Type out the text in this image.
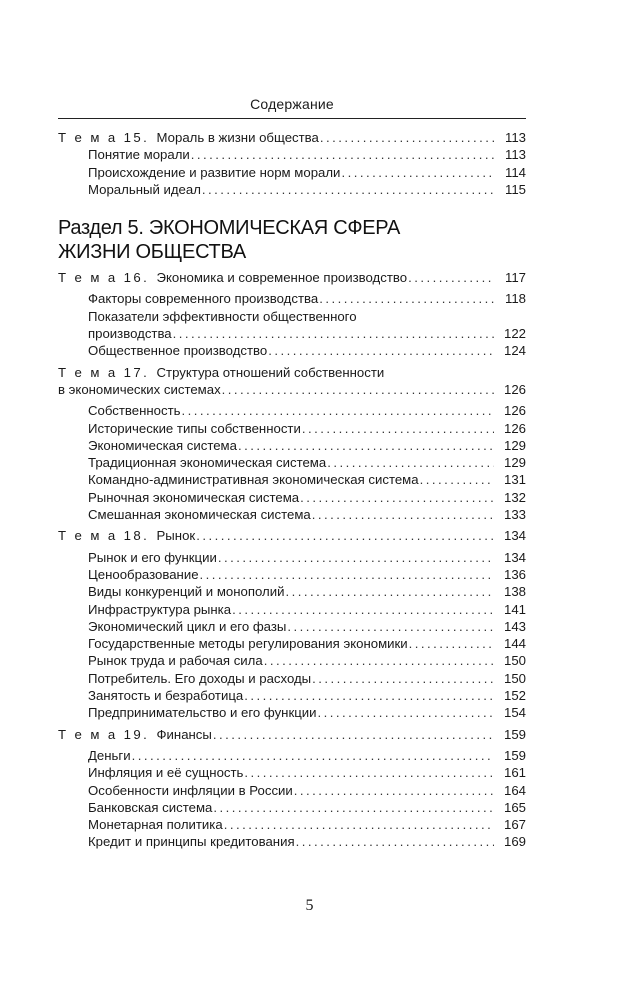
Содержание
Т е м а 15. Мораль в жизни общества . . .	113
Понятие морали . . .	113
Происхождение и развитие норм морали . . .	114
Моральный идеал . . .	115
Раздел 5. ЭКОНОМИЧЕСКАЯ СФЕРА
ЖИЗНИ ОБЩЕСТВА
Т е м а 16. Экономика и современное производство . . .	117
Факторы современного производства . . .	118
Показатели эффективности общественного
производства . . .	122
Общественное производство . . .	124
Т е м а 17. Структура отношений собственности
в экономических системах . . .	126
Собственность . . .	126
Исторические типы собственности . . .	126
Экономическая система . . .	129
Традиционная экономическая система . . .	129
Командно-административная экономическая система . . .	131
Рыночная экономическая система . . .	132
Смешанная экономическая система . . .	133
Т е м а 18. Рынок . . .	134
Рынок и его функции . . .	134
Ценообразование . . .	136
Виды конкуренций и монополий . . .	138
Инфраструктура рынка . . .	141
Экономический цикл и его фазы . . .	143
Государственные методы регулирования экономики . . .	144
Рынок труда и рабочая сила . . .	150
Потребитель. Его доходы и расходы . . .	150
Занятость и безработица . . .	152
Предпринимательство и его функции . . .	154
Т е м а 19. Финансы . . .	159
Деньги . . .	159
Инфляция и её сущность . . .	161
Особенности инфляции в России . . .	164
Банковская система . . .	165
Монетарная политика . . .	167
Кредит и принципы кредитования . . .	169
5
